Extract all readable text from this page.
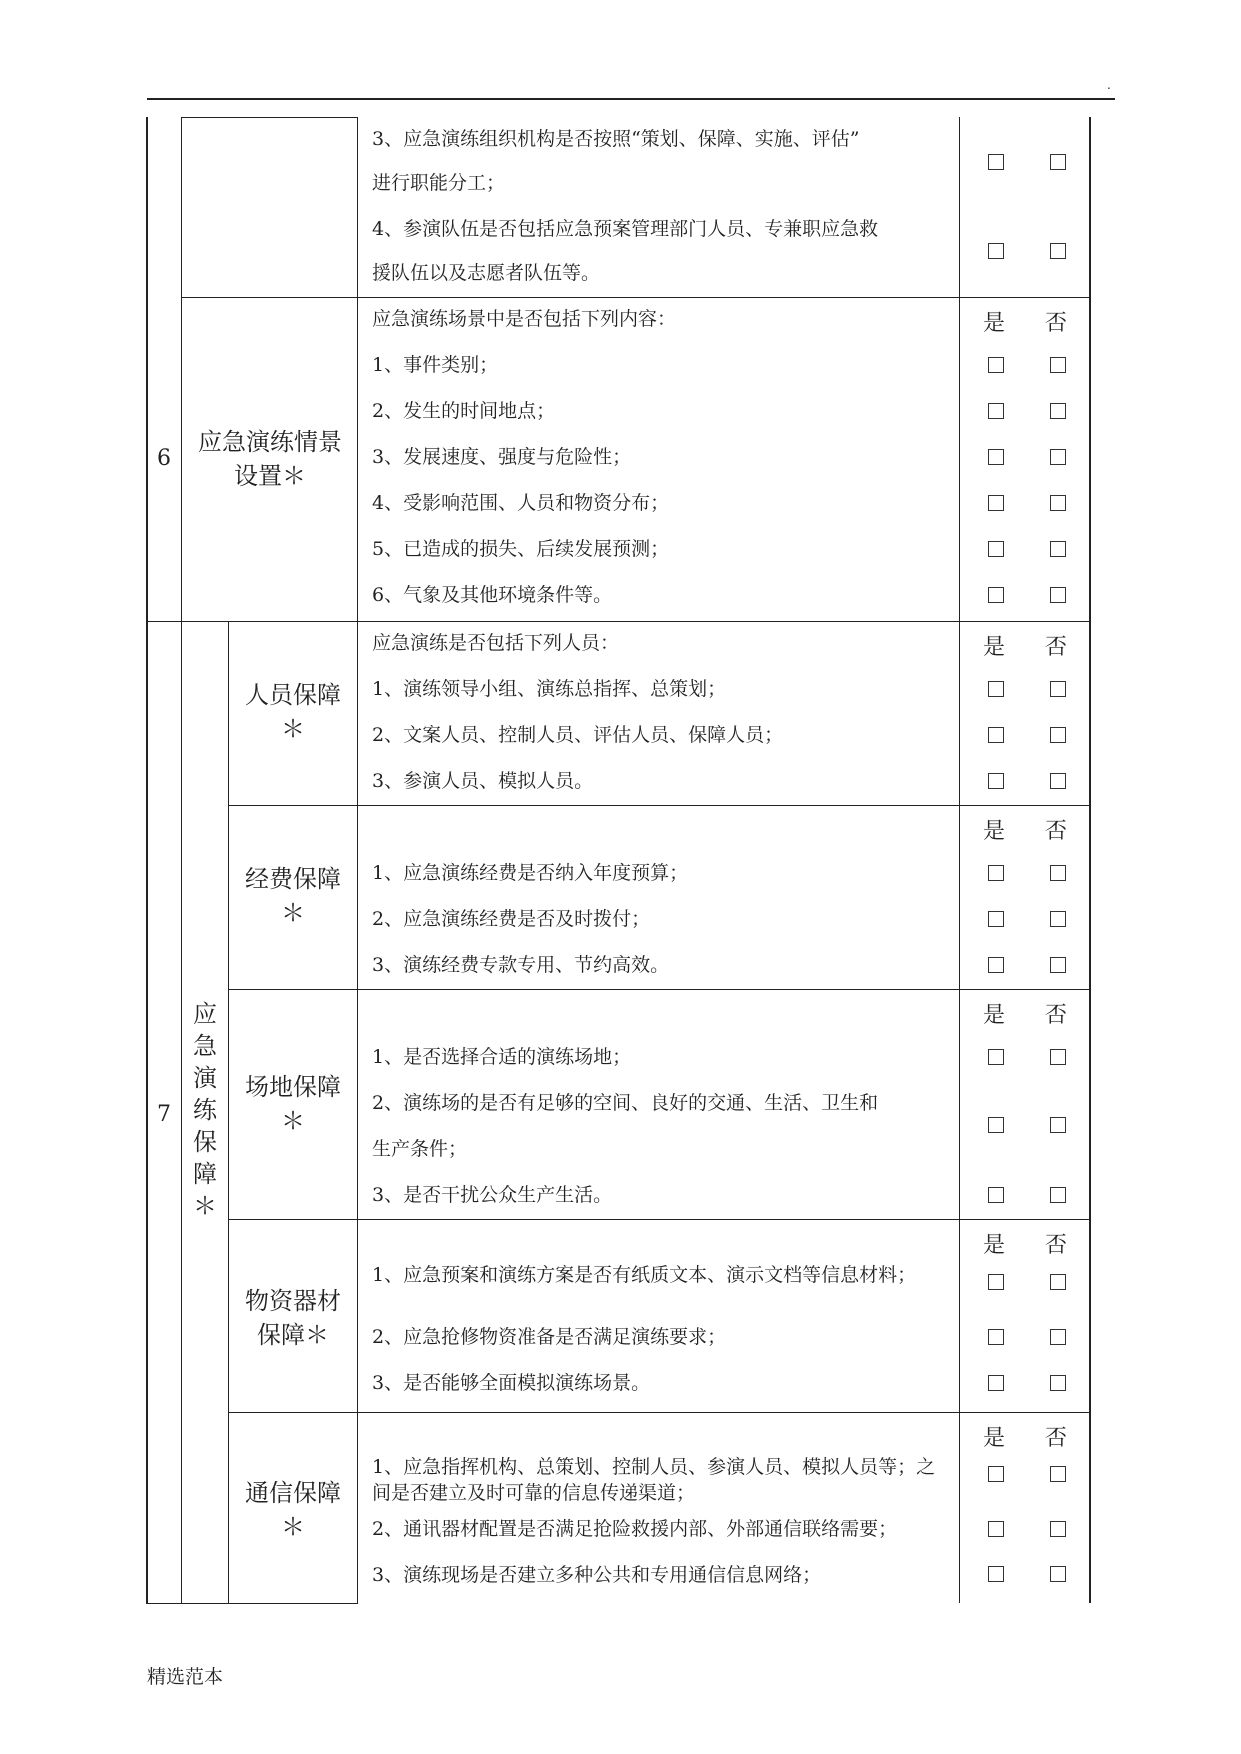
.
3、应急演练组织机构是否按照“策划、保障、实施、评估”
进行职能分工；
4、参演队伍是否包括应急预案管理部门人员、专兼职应急救
援队伍以及志愿者队伍等。
6
应急演练情景
设置＊
应急演练场景中是否包括下列内容：	是 否
1、事件类别；
2、发生的时间地点；
3、发展速度、强度与危险性；
4、受影响范围、人员和物资分布；
5、已造成的损失、后续发展预测；
6、气象及其他环境条件等。
7
应
急
演
练
保
障
＊
人员保障
＊
应急演练是否包括下列人员：	是 否
1、演练领导小组、演练总指挥、总策划；
2、文案人员、控制人员、评估人员、保障人员；
3、参演人员、模拟人员。
经费保障
＊
是 否
1、应急演练经费是否纳入年度预算；
2、应急演练经费是否及时拨付；
3、演练经费专款专用、节约高效。
场地保障
＊
是 否
1、是否选择合适的演练场地；
2、演练场的是否有足够的空间、良好的交通、生活、卫生和
生产条件；
3、是否干扰公众生产生活。
物资器材
保障＊
是 否
1、应急预案和演练方案是否有纸质文本、演示文档等信息材料；
2、应急抢修物资准备是否满足演练要求；
3、是否能够全面模拟演练场景。
通信保障
＊
是 否
1、应急指挥机构、总策划、控制人员、参演人员、模拟人员等；之间是否建立及时可靠的信息传递渠道；
2、通讯器材配置是否满足抢险救援内部、外部通信联络需要；
3、演练现场是否建立多种公共和专用通信信息网络；
精选范本
